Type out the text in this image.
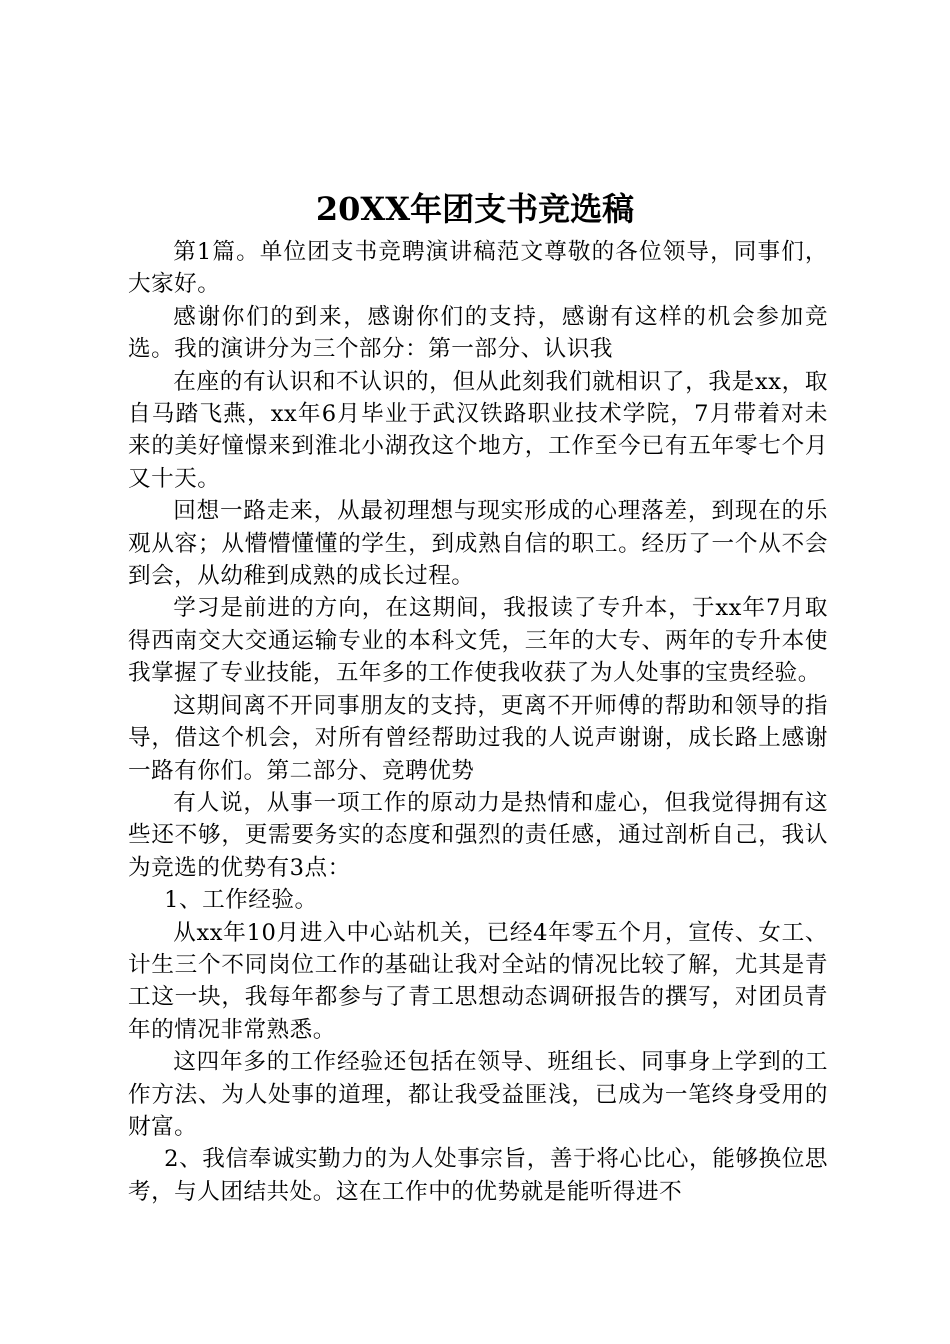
20XX年团支书竞选稿

第1篇。单位团支书竞聘演讲稿范文尊敬的各位领导，同事们，大家好。

感谢你们的到来，感谢你们的支持，感谢有这样的机会参加竞选。我的演讲分为三个部分：第一部分、认识我

在座的有认识和不认识的，但从此刻我们就相识了，我是xx，取自马踏飞燕，xx年6月毕业于武汉铁路职业技术学院，7月带着对未来的美好憧憬来到淮北小湖孜这个地方，工作至今已有五年零七个月又十天。

回想一路走来，从最初理想与现实形成的心理落差，到现在的乐观从容；从懵懵懂懂的学生，到成熟自信的职工。经历了一个从不会到会，从幼稚到成熟的成长过程。

学习是前进的方向，在这期间，我报读了专升本，于xx年7月取得西南交大交通运输专业的本科文凭，三年的大专、两年的专升本使我掌握了专业技能，五年多的工作使我收获了为人处事的宝贵经验。

这期间离不开同事朋友的支持，更离不开师傅的帮助和领导的指导，借这个机会，对所有曾经帮助过我的人说声谢谢，成长路上感谢一路有你们。第二部分、竞聘优势

有人说，从事一项工作的原动力是热情和虚心，但我觉得拥有这些还不够，更需要务实的态度和强烈的责任感，通过剖析自己，我认为竞选的优势有3点：

1、工作经验。

从xx年10月进入中心站机关，已经4年零五个月，宣传、女工、计生三个不同岗位工作的基础让我对全站的情况比较了解，尤其是青工这一块，我每年都参与了青工思想动态调研报告的撰写，对团员青年的情况非常熟悉。

这四年多的工作经验还包括在领导、班组长、同事身上学到的工作方法、为人处事的道理，都让我受益匪浅，已成为一笔终身受用的财富。

2、我信奉诚实勤力的为人处事宗旨，善于将心比心，能够换位思考，与人团结共处。这在工作中的优势就是能听得进不
